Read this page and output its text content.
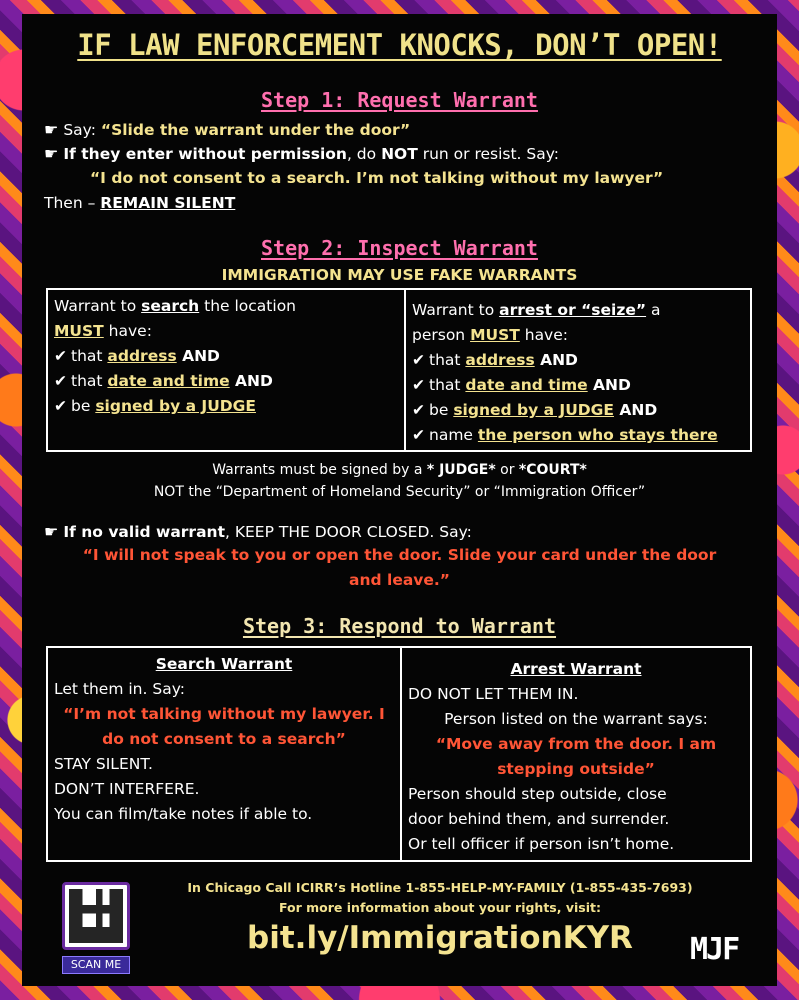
IF LAW ENFORCEMENT KNOCKS, DON’T OPEN!
Step 1: Request Warrant
☛ Say: “Slide the warrant under the door”
☛ If they enter without permission, do NOT run or resist. Say:
“I do not consent to a search. I’m not talking without my lawyer”
Then – REMAIN SILENT
Step 2: Inspect Warrant
IMMIGRATION MAY USE FAKE WARRANTS
Warrant to search the location
MUST have:
✔ that address AND
✔ that date and time AND
✔ be signed by a JUDGE
Warrant to arrest or “seize” a
person MUST have:
✔ that address AND
✔ that date and time AND
✔ be signed by a JUDGE AND
✔ name the person who stays there
Warrants must be signed by a * JUDGE* or *COURT*
NOT the “Department of Homeland Security” or “Immigration Officer”
☛ If no valid warrant, KEEP THE DOOR CLOSED. Say:
“I will not speak to you or open the door. Slide your card under the door
and leave.”
Step 3: Respond to Warrant
Search Warrant
Let them in. Say:
“I’m not talking without my lawyer. I
do not consent to a search”
STAY SILENT.
DON’T INTERFERE.
You can film/take notes if able to.
Arrest Warrant
DO NOT LET THEM IN.
Person listed on the warrant says:
“Move away from the door. I am
stepping outside”
Person should step outside, close
door behind them, and surrender.
Or tell officer if person isn’t home.
In Chicago Call ICIRR’s Hotline 1-855-HELP-MY-FAMILY (1-855-435-7693)
For more information about your rights, visit:
bit.ly/ImmigrationKYR
SCAN ME	MJF
